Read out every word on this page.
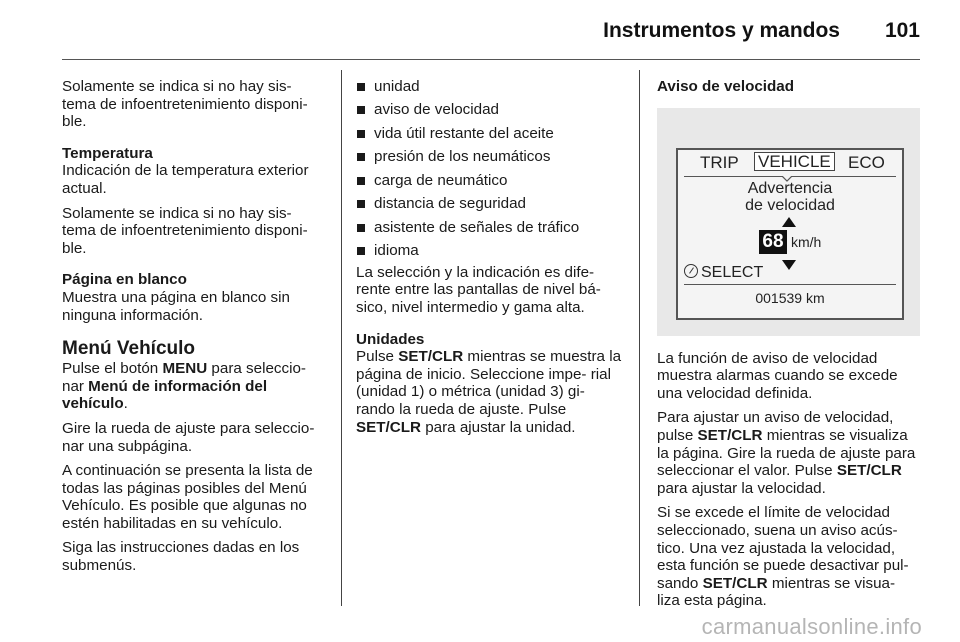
Instrumentos y mandos 101

Solamente se indica si no hay sis- tema de infoentretenimiento disponi- ble.

Temperatura

Indicación de la temperatura exterior actual.

Solamente se indica si no hay sis- tema de infoentretenimiento disponi- ble.

Página en blanco

Muestra una página en blanco sin ninguna información.

Menú Vehículo

Pulse el botón MENU para seleccio- nar Menú de información del vehículo.

Gire la rueda de ajuste para seleccio- nar una subpágina.

A continuación se presenta la lista de todas las páginas posibles del Menú Vehículo. Es posible que algunas no estén habilitadas en su vehículo.

Siga las instrucciones dadas en los submenús.

unidad
aviso de velocidad
vida útil restante del aceite
presión de los neumáticos
carga de neumático
distancia de seguridad
asistente de señales de tráfico
idioma

La selección y la indicación es dife- rente entre las pantallas de nivel bá- sico, nivel intermedio y gama alta.

Unidades

Pulse SET/CLR mientras se muestra la página de inicio. Seleccione impe- rial (unidad 1) o métrica (unidad 3) gi- rando la rueda de ajuste. Pulse SET/CLR para ajustar la unidad.

Aviso de velocidad

TRIP VEHICLE ECO
Advertencia
de velocidad
68 km/h
SELECT
001539 km

La función de aviso de velocidad muestra alarmas cuando se excede una velocidad definida.

Para ajustar un aviso de velocidad, pulse SET/CLR mientras se visualiza la página. Gire la rueda de ajuste para seleccionar el valor. Pulse SET/CLR para ajustar la velocidad.

Si se excede el límite de velocidad seleccionado, suena un aviso acús- tico. Una vez ajustada la velocidad, esta función se puede desactivar pul- sando SET/CLR mientras se visua- liza esta página.

carmanualsonline.info
